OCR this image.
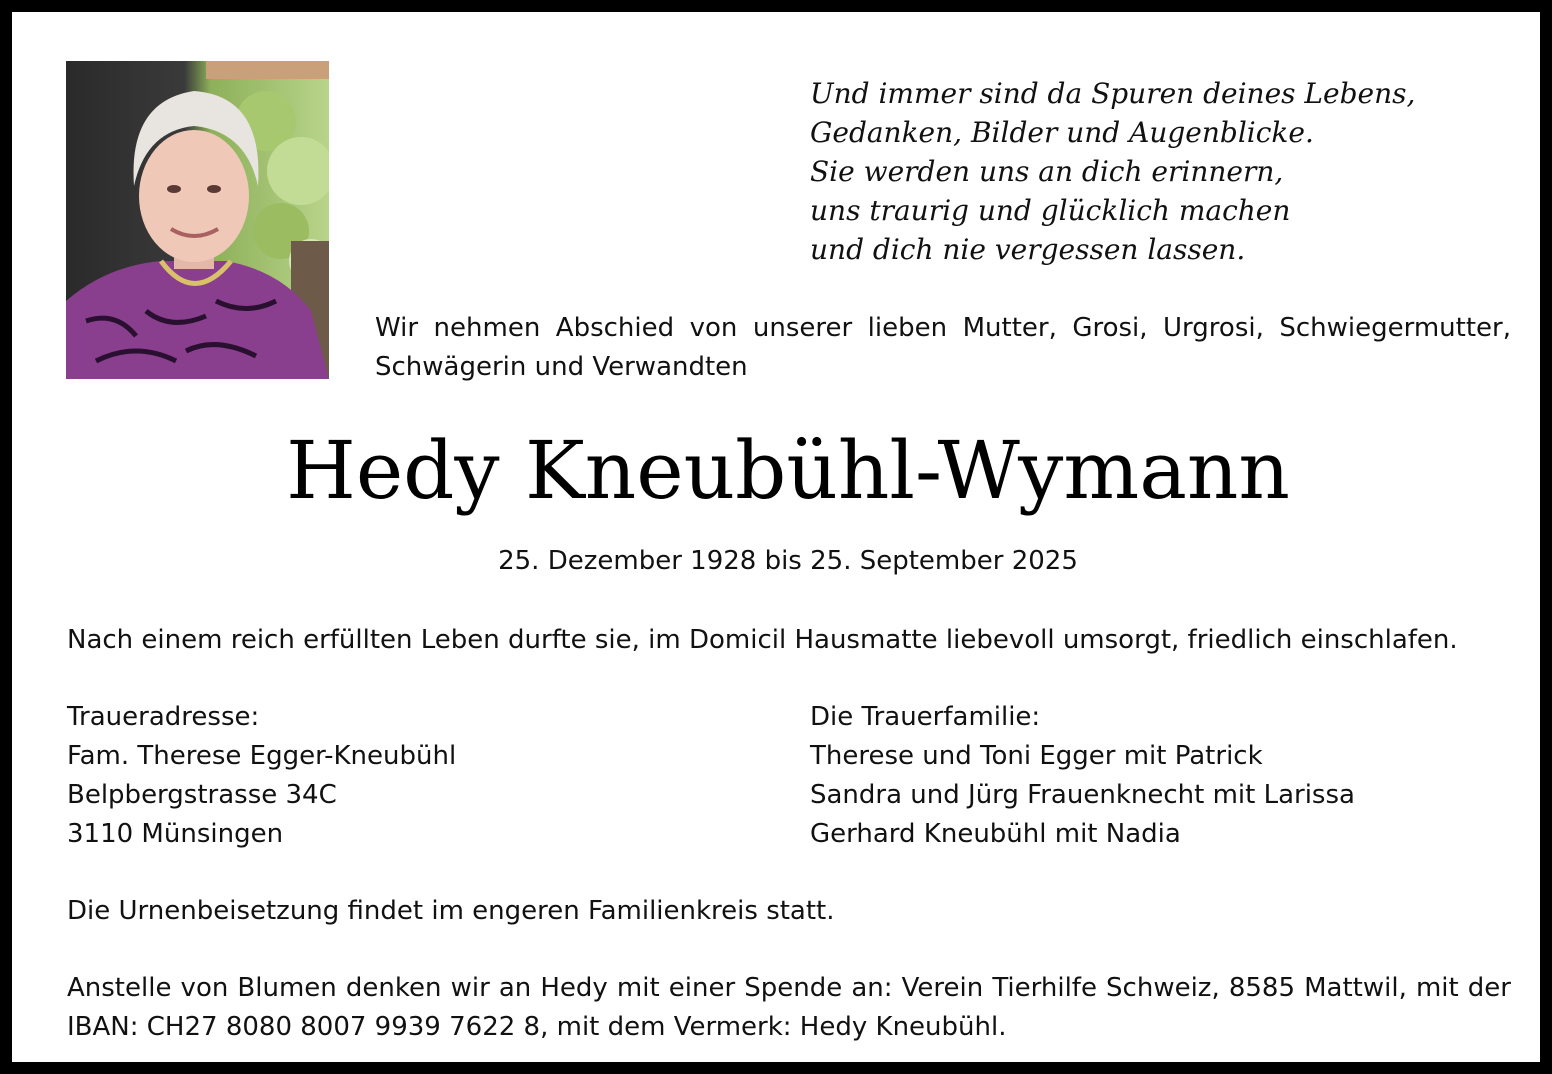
Und immer sind da Spuren deines Lebens,
Gedanken, Bilder und Augenblicke.
Sie werden uns an dich erinnern,
uns traurig und glücklich machen
und dich nie vergessen lassen.
Wir nehmen Abschied von unserer lieben Mutter, Grosi, Urgrosi, Schwiegermutter, Schwägerin und Verwandten
Hedy Kneubühl-Wymann
25. Dezember 1928 bis 25. September 2025
Nach einem reich erfüllten Leben durfte sie, im Domicil Hausmatte liebevoll umsorgt, friedlich einschlafen.
Traueradresse:
Fam. Therese Egger-Kneubühl
Belpbergstrasse 34C
3110 Münsingen
Die Trauerfamilie:
Therese und Toni Egger mit Patrick
Sandra und Jürg Frauenknecht mit Larissa
Gerhard Kneubühl mit Nadia
Die Urnenbeisetzung findet im engeren Familienkreis statt.
Anstelle von Blumen denken wir an Hedy mit einer Spende an: Verein Tierhilfe Schweiz, 8585 Mattwil, mit der IBAN: CH27 8080 8007 9939 7622 8, mit dem Vermerk: Hedy Kneubühl.
